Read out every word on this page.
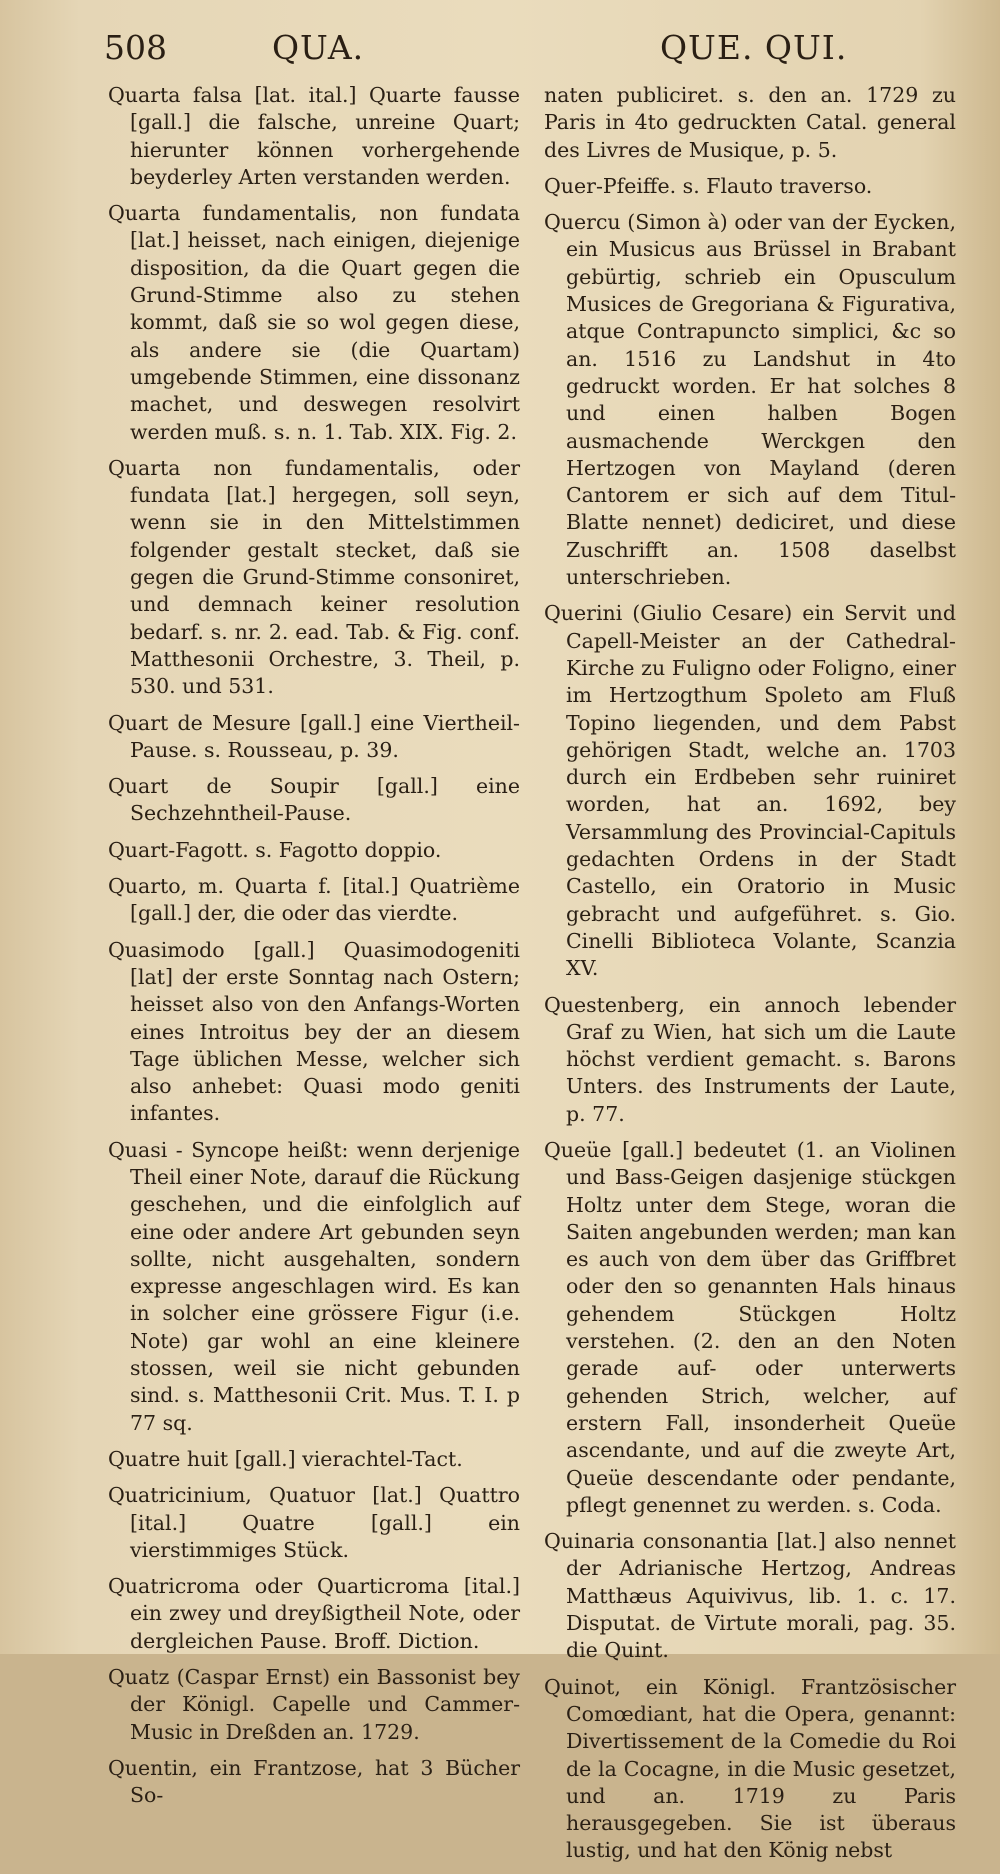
508	QUA.	QUE. QUI.

Quarta falsa [lat. ital.] Quarte fausse [gall.] die falsche, unreine Quart; hierunter können vorhergehende beyderley Arten verstanden werden.

Quarta fundamentalis, non fundata [lat.] heisset, nach einigen, diejenige disposition, da die Quart gegen die Grund-Stimme also zu stehen kommt, daß sie so wol gegen diese, als andere sie (die Quartam) umgebende Stimmen, eine dissonanz machet, und deswegen resolvirt werden muß. s. n. 1. Tab. XIX. Fig. 2.

Quarta non fundamentalis, oder fundata [lat.] hergegen, soll seyn, wenn sie in den Mittelstimmen folgender gestalt stecket, daß sie gegen die Grund-Stimme consoniret, und demnach keiner resolution bedarf. s. nr. 2. ead. Tab. & Fig. conf. Matthesonii Orchestre, 3. Theil, p. 530. und 531.

Quart de Mesure [gall.] eine Viertheil-Pause. s. Rousseau, p. 39.

Quart de Soupir [gall.] eine Sechzehntheil-Pause.

Quart-Fagott. s. Fagotto doppio.

Quarto, m. Quarta f. [ital.] Quatrième [gall.] der, die oder das vierdte.

Quasimodo [gall.] Quasimodogeniti [lat] der erste Sonntag nach Ostern; heisset also von den Anfangs-Worten eines Introitus bey der an diesem Tage üblichen Messe, welcher sich also anhebet: Quasi modo geniti infantes.

Quasi - Syncope heißt: wenn derjenige Theil einer Note, darauf die Rückung geschehen, und die einfolglich auf eine oder andere Art gebunden seyn sollte, nicht ausgehalten, sondern expresse angeschlagen wird. Es kan in solcher eine grössere Figur (i.e. Note) gar wohl an eine kleinere stossen, weil sie nicht gebunden sind. s. Matthesonii Crit. Mus. T. I. p 77 sq.

Quatre huit [gall.] vierachtel-Tact.

Quatricinium, Quatuor [lat.] Quattro [ital.] Quatre [gall.] ein vierstimmiges Stück.

Quatricroma oder Quarticroma [ital.] ein zwey und dreyßigtheil Note, oder dergleichen Pause. Broff. Diction.

Quatz (Caspar Ernst) ein Bassonist bey der Königl. Capelle und Cammer-Music in Dreßden an. 1729.

Quentin, ein Frantzose, hat 3 Bücher So-

naten publiciret. s. den an. 1729 zu Paris in 4to gedruckten Catal. general des Livres de Musique, p. 5.

Quer-Pfeiffe. s. Flauto traverso.

Quercu (Simon à) oder van der Eycken, ein Musicus aus Brüssel in Brabant gebürtig, schrieb ein Opusculum Musices de Gregoriana & Figurativa, atque Contrapuncto simplici, &c so an. 1516 zu Landshut in 4to gedruckt worden. Er hat solches 8 und einen halben Bogen ausmachende Werckgen den Hertzogen von Mayland (deren Cantorem er sich auf dem Titul-Blatte nennet) dediciret, und diese Zuschrifft an. 1508 daselbst unterschrieben.

Querini (Giulio Cesare) ein Servit und Capell-Meister an der Cathedral-Kirche zu Fuligno oder Foligno, einer im Hertzogthum Spoleto am Fluß Topino liegenden, und dem Pabst gehörigen Stadt, welche an. 1703 durch ein Erdbeben sehr ruiniret worden, hat an. 1692, bey Versammlung des Provincial-Capituls gedachten Ordens in der Stadt Castello, ein Oratorio in Music gebracht und aufgeführet. s. Gio. Cinelli Biblioteca Volante, Scanzia XV.

Questenberg, ein annoch lebender Graf zu Wien, hat sich um die Laute höchst verdient gemacht. s. Barons Unters. des Instruments der Laute, p. 77.

Queüe [gall.] bedeutet (1. an Violinen und Bass-Geigen dasjenige stückgen Holtz unter dem Stege, woran die Saiten angebunden werden; man kan es auch von dem über das Griffbret oder den so genannten Hals hinaus gehendem Stückgen Holtz verstehen. (2. den an den Noten gerade auf- oder unterwerts gehenden Strich, welcher, auf erstern Fall, insonderheit Queüe ascendante, und auf die zweyte Art, Queüe descendante oder pendante, pflegt genennet zu werden. s. Coda.

Quinaria consonantia [lat.] also nennet der Adrianische Hertzog, Andreas Matthæus Aquivivus, lib. 1. c. 17. Disputat. de Virtute morali, pag. 35. die Quint.

Quinot, ein Königl. Frantzösischer Comœdiant, hat die Opera, genannt: Divertissement de la Comedie du Roi de la Cocagne, in die Music gesetzet, und an. 1719 zu Paris herausgegeben. Sie ist überaus lustig, und hat den König nebst
